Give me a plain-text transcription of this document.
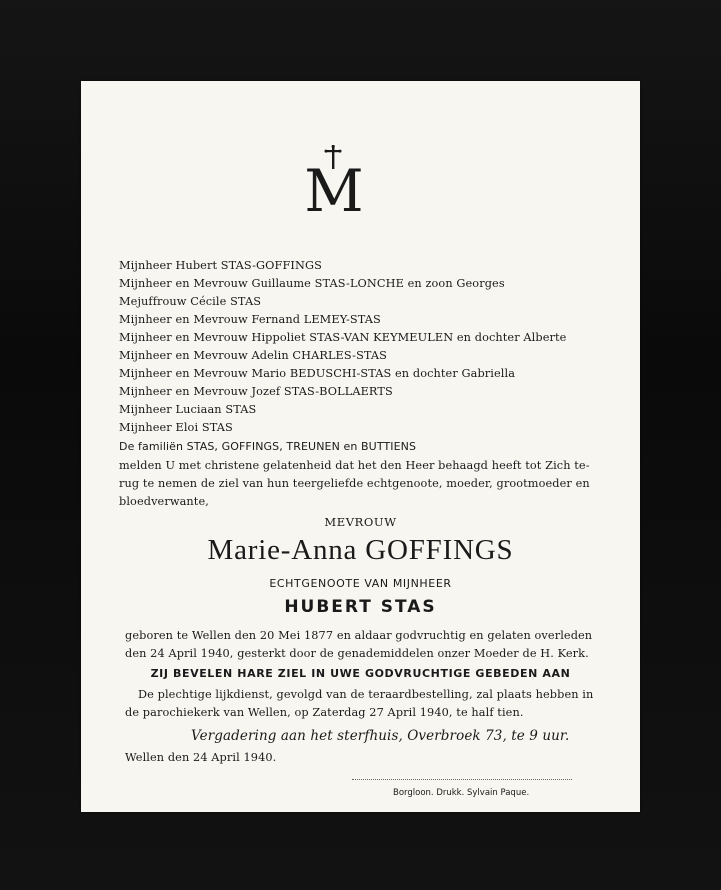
M
Mijnheer Hubert STAS-GOFFINGS
Mijnheer en Mevrouw Guillaume STAS-LONCHE en zoon Georges
Mejuffrouw Cécile STAS
Mijnheer en Mevrouw Fernand LEMEY-STAS
Mijnheer en Mevrouw Hippoliet STAS-VAN KEYMEULEN en dochter Alberte
Mijnheer en Mevrouw Adelin CHARLES-STAS
Mijnheer en Mevrouw Mario BEDUSCHI-STAS en dochter Gabriella
Mijnheer en Mevrouw Jozef STAS-BOLLAERTS
Mijnheer Luciaan STAS
Mijnheer Eloi STAS
De familiën STAS, GOFFINGS, TREUNEN en BUTTIENS
melden U met christene gelatenheid dat het den Heer behaagd heeft tot Zich te-
rug te nemen de ziel van hun teergeliefde echtgenoote, moeder, grootmoeder en
bloedverwante,
MEVROUW
Marie-Anna GOFFINGS
ECHTGENOOTE VAN MIJNHEER
HUBERT STAS
geboren te Wellen den 20 Mei 1877 en aldaar godvruchtig en gelaten overleden
den 24 April 1940, gesterkt door de genademiddelen onzer Moeder de H. Kerk.
ZIJ BEVELEN HARE ZIEL IN UWE GODVRUCHTIGE GEBEDEN AAN
De plechtige lijkdienst, gevolgd van de teraardbestelling, zal plaats hebben in
de parochiekerk van Wellen, op Zaterdag 27 April 1940, te half tien.
Vergadering aan het sterfhuis, Overbroek 73, te 9 uur.
Wellen den 24 April 1940.
Borgloon. Drukk. Sylvain Paque.
